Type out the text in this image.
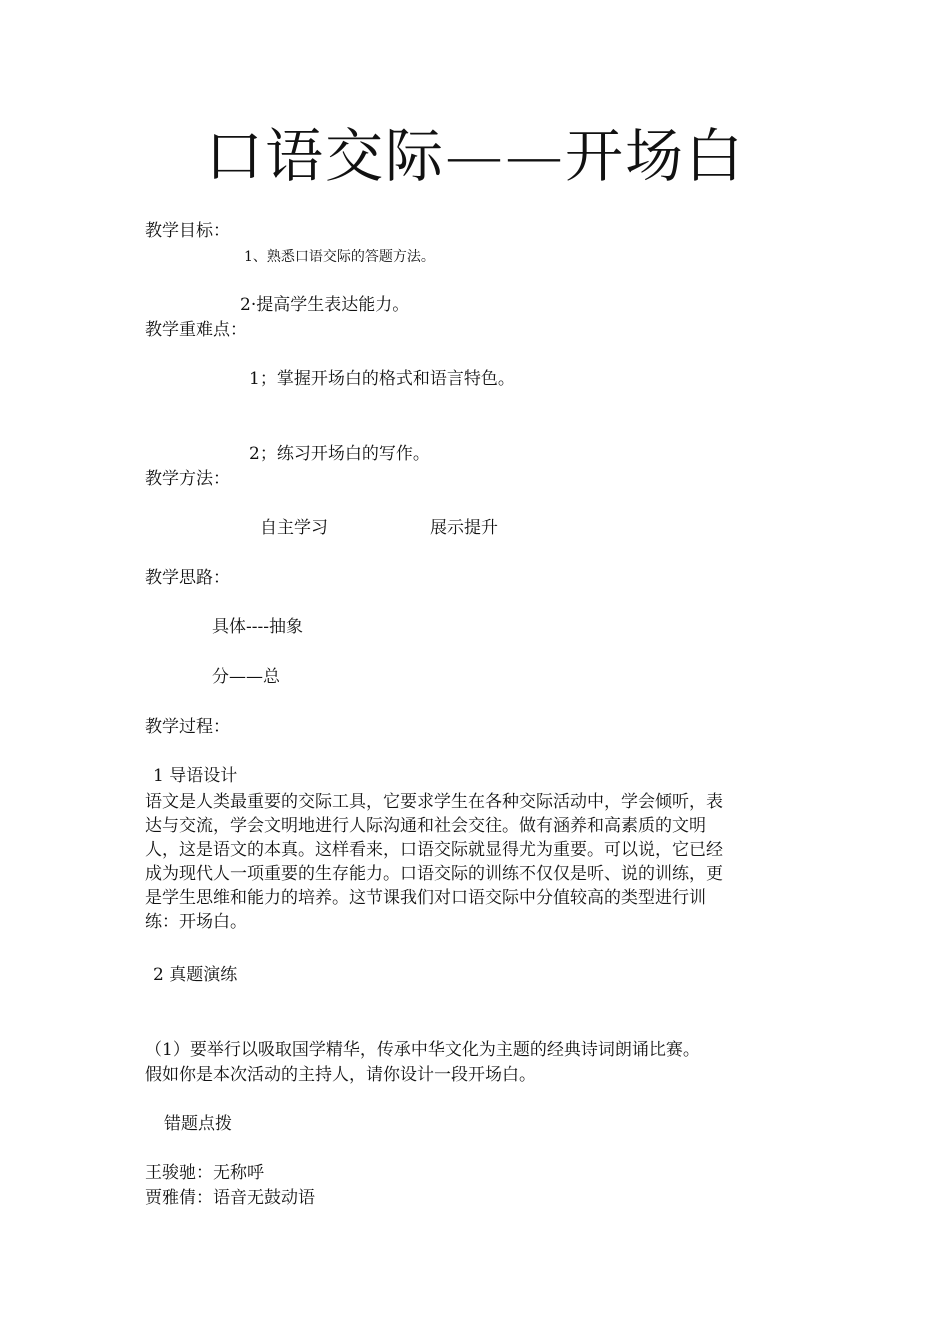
口语交际——开场白
教学目标：
1、熟悉口语交际的答题方法。
2·提高学生表达能力。
教学重难点：
1；掌握开场白的格式和语言特色。
2；练习开场白的写作。
教学方法：
自主学习	展示提升
教学思路：
具体----抽象
分——总
教学过程：
1 导语设计
语文是人类最重要的交际工具，它要求学生在各种交际活动中，学会倾听，表
达与交流，学会文明地进行人际沟通和社会交往。做有涵养和高素质的文明
人，这是语文的本真。这样看来，口语交际就显得尤为重要。可以说，它已经
成为现代人一项重要的生存能力。口语交际的训练不仅仅是听、说的训练，更
是学生思维和能力的培养。这节课我们对口语交际中分值较高的类型进行训
练：开场白。
2 真题演练
（1）要举行以吸取国学精华，传承中华文化为主题的经典诗词朗诵比赛。
假如你是本次活动的主持人，请你设计一段开场白。
错题点拨
王骏驰：无称呼
贾雅倩：语音无鼓动语
